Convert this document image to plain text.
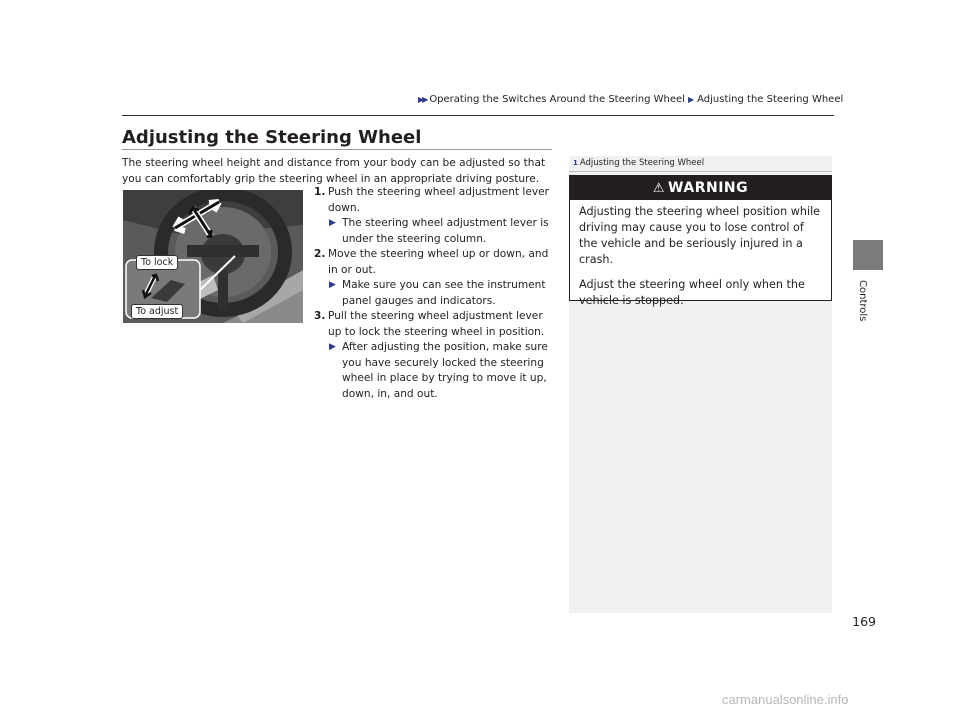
▶▶ Operating the Switches Around the Steering Wheel ▶ Adjusting the Steering Wheel
Controls
Adjusting the Steering Wheel
The steering wheel height and distance from your body can be adjusted so that you can comfortably grip the steering wheel in an appropriate driving posture.
To lock
To adjust
1. Push the steering wheel adjustment lever down.
▶ The steering wheel adjustment lever is under the steering column.
2. Move the steering wheel up or down, and in or out.
▶ Make sure you can see the instrument panel gauges and indicators.
3. Pull the steering wheel adjustment lever up to lock the steering wheel in position.
▶ After adjusting the position, make sure you have securely locked the steering wheel in place by trying to move it up, down, in, and out.
1 Adjusting the Steering Wheel
⚠ WARNING

Adjusting the steering wheel position while driving may cause you to lose control of the vehicle and be seriously injured in a crash.

Adjust the steering wheel only when the vehicle is stopped.

169
carmanualsonline.info
